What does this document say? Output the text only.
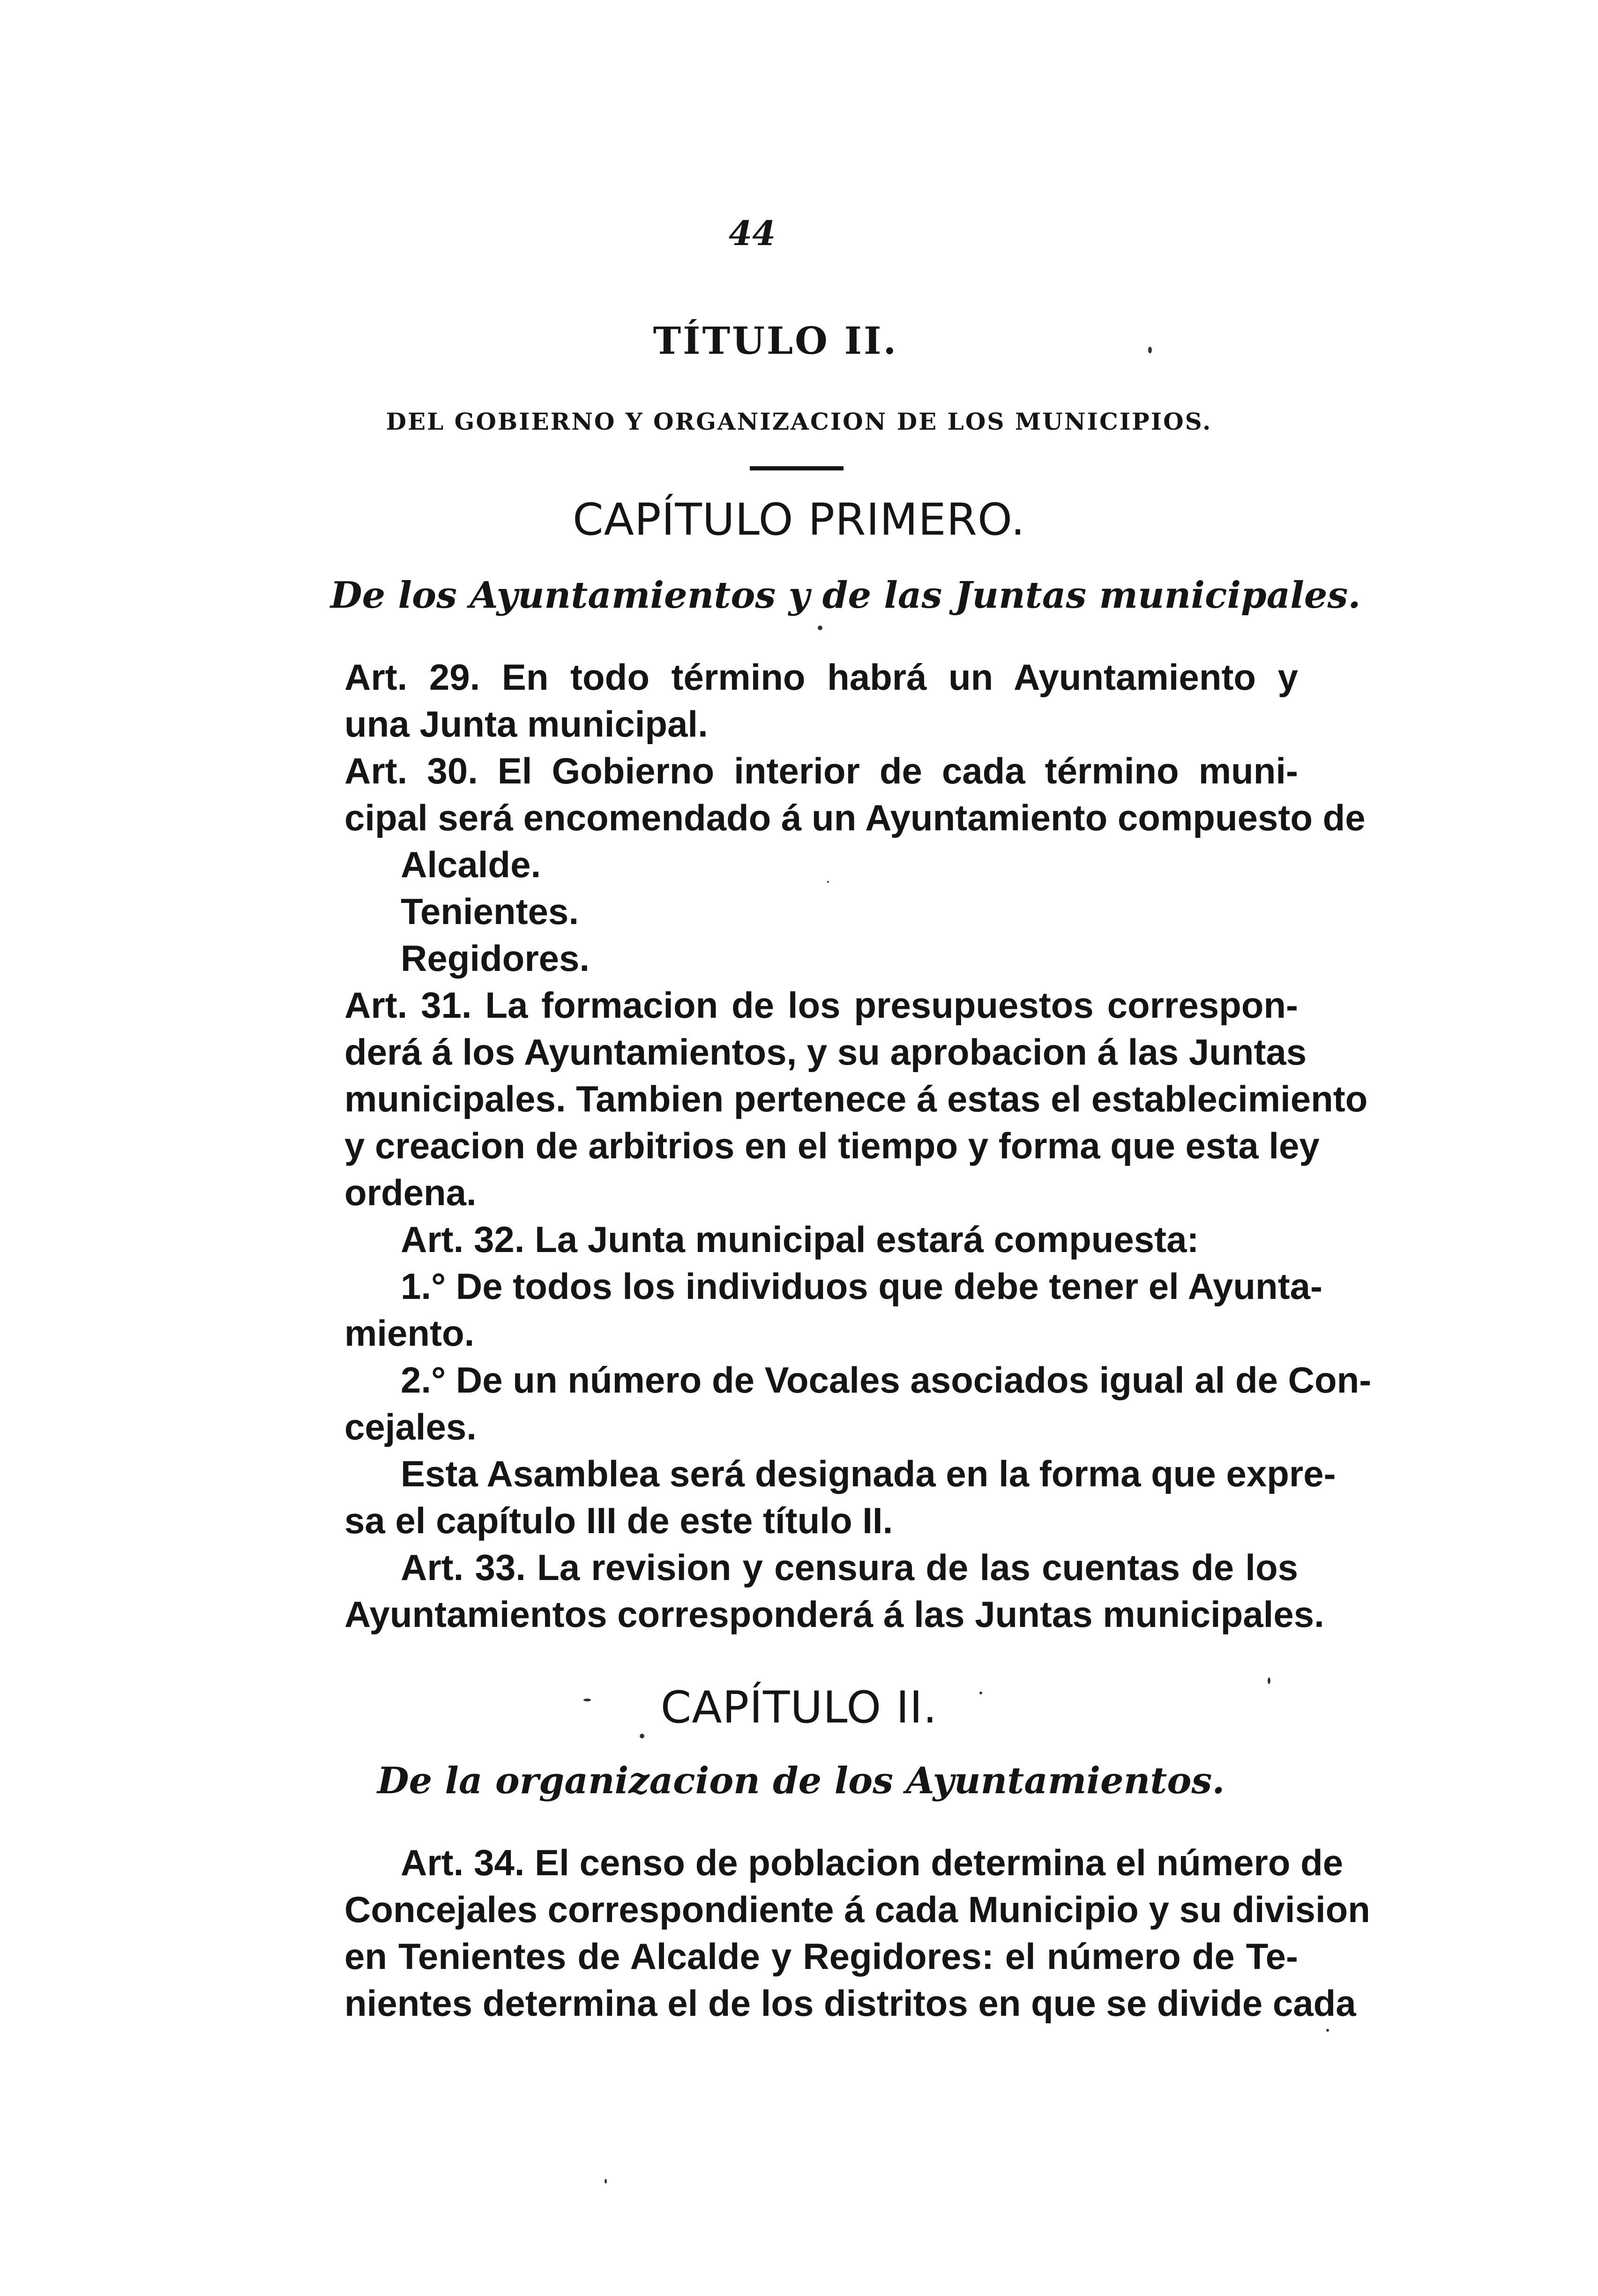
44
TÍTULO II.
DEL GOBIERNO Y ORGANIZACION DE LOS MUNICIPIOS.
CAPÍTULO PRIMERO.
De los Ayuntamientos y de las Juntas municipales.
Art. 29. En todo término habrá un Ayuntamiento y
una Junta municipal.
Art. 30. El Gobierno interior de cada término muni-
cipal será encomendado á un Ayuntamiento compuesto de
Alcalde.
Tenientes.
Regidores.
Art. 31. La formacion de los presupuestos correspon-
derá á los Ayuntamientos, y su aprobacion á las Juntas
municipales. Tambien pertenece á estas el establecimiento
y creacion de arbitrios en el tiempo y forma que esta ley
ordena.
Art. 32. La Junta municipal estará compuesta:
1.° De todos los individuos que debe tener el Ayunta-
miento.
2.° De un número de Vocales asociados igual al de Con-
cejales.
Esta Asamblea será designada en la forma que expre-
sa el capítulo III de este título II.
Art. 33. La revision y censura de las cuentas de los
Ayuntamientos corresponderá á las Juntas municipales.
CAPÍTULO II.
De la organizacion de los Ayuntamientos.
Art. 34. El censo de poblacion determina el número de
Concejales correspondiente á cada Municipio y su division
en Tenientes de Alcalde y Regidores: el número de Te-
nientes determina el de los distritos en que se divide cada
